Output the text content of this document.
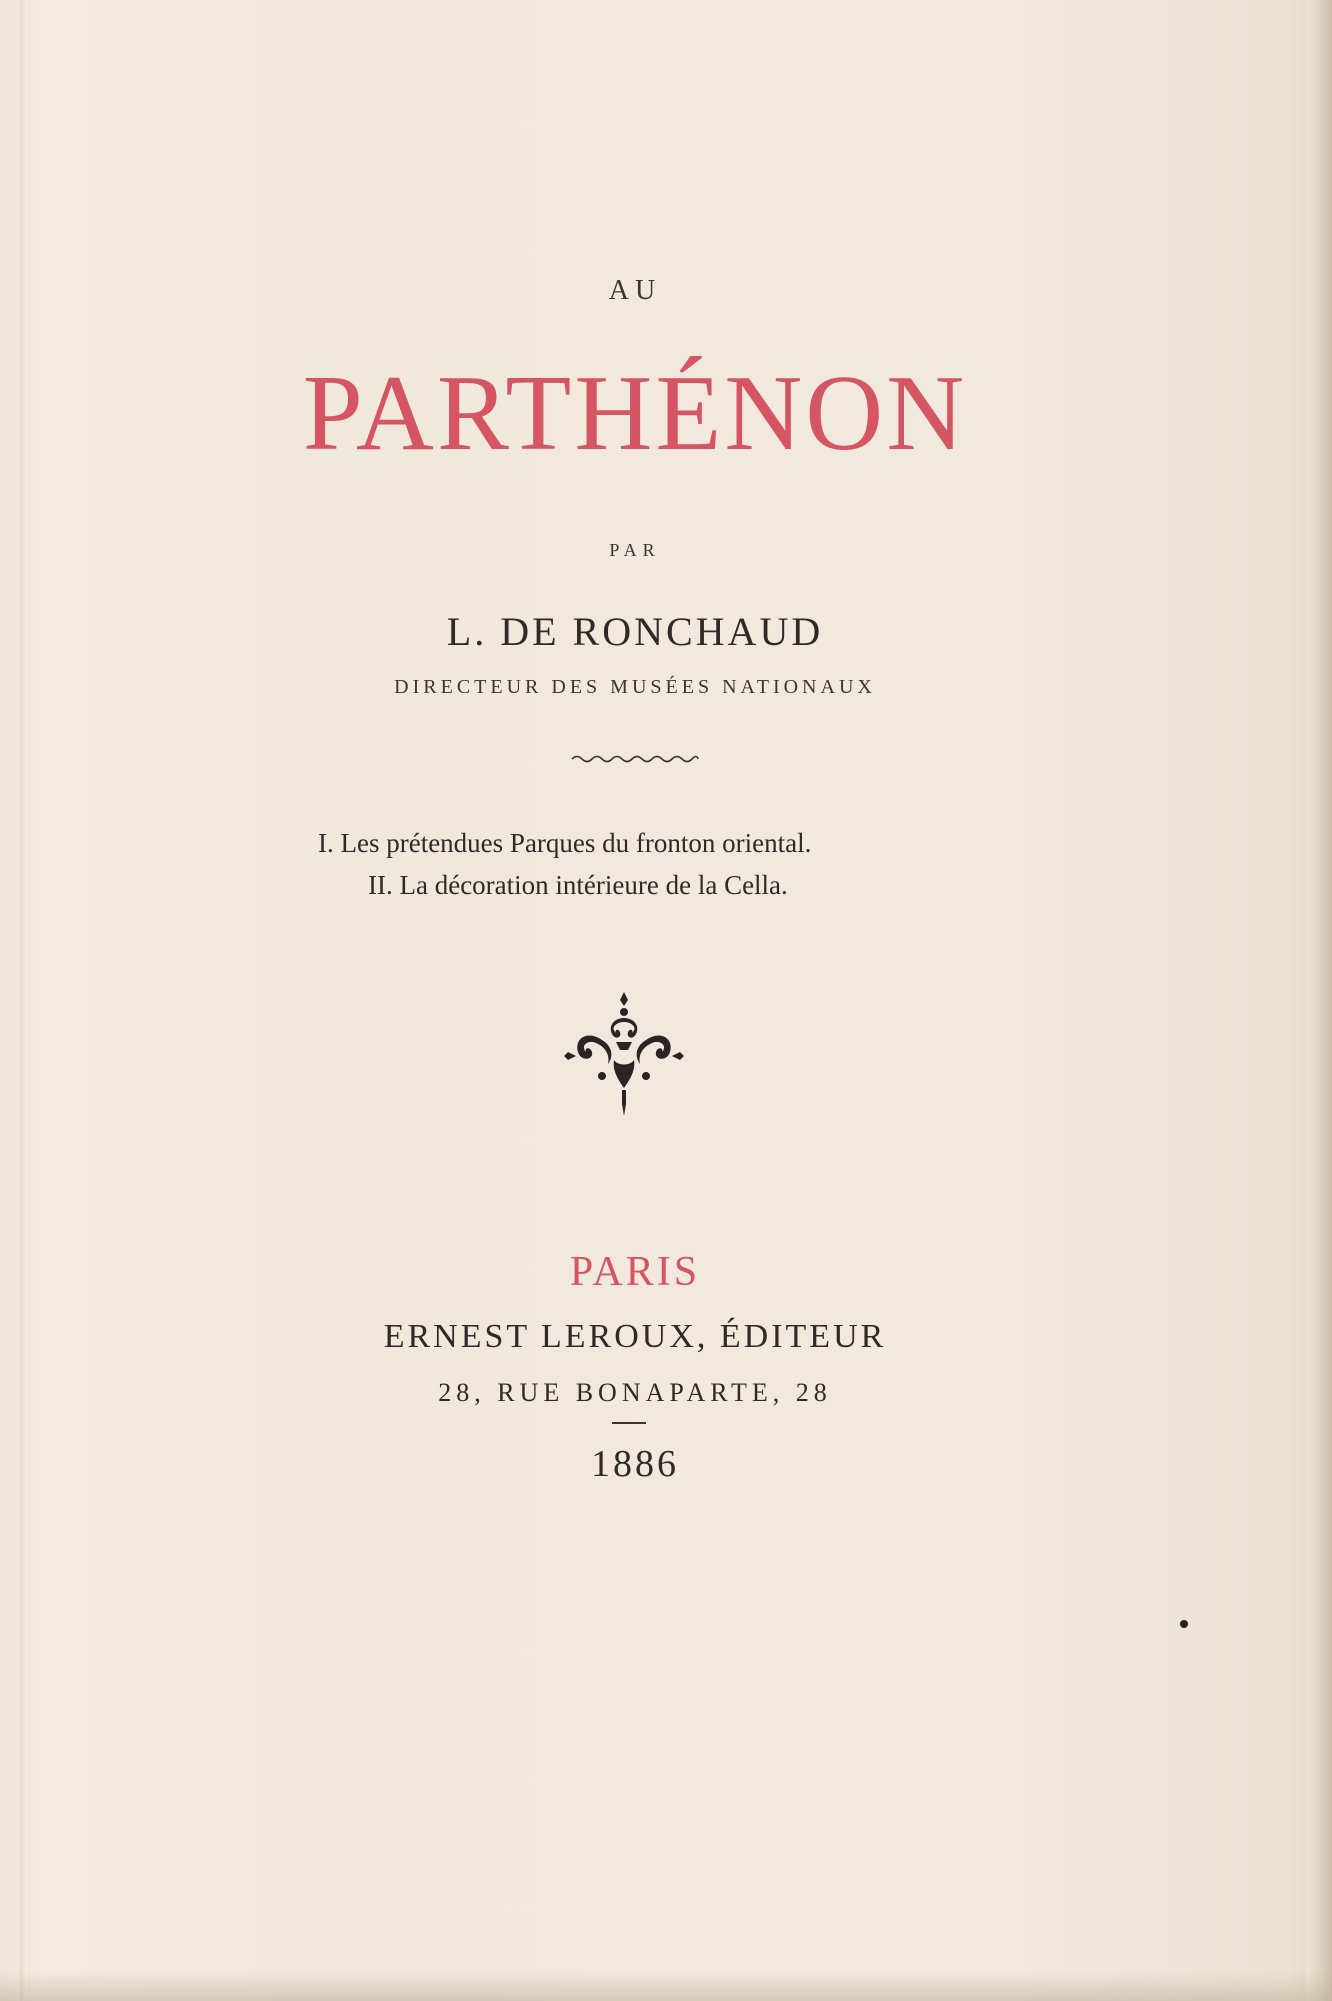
AU
PARTHÉNON
PAR
L. DE RONCHAUD
DIRECTEUR DES MUSÉES NATIONAUX
I. Les prétendues Parques du fronton oriental.
II. La décoration intérieure de la Cella.
PARIS
ERNEST LEROUX, ÉDITEUR
28, RUE BONAPARTE, 28
1886
